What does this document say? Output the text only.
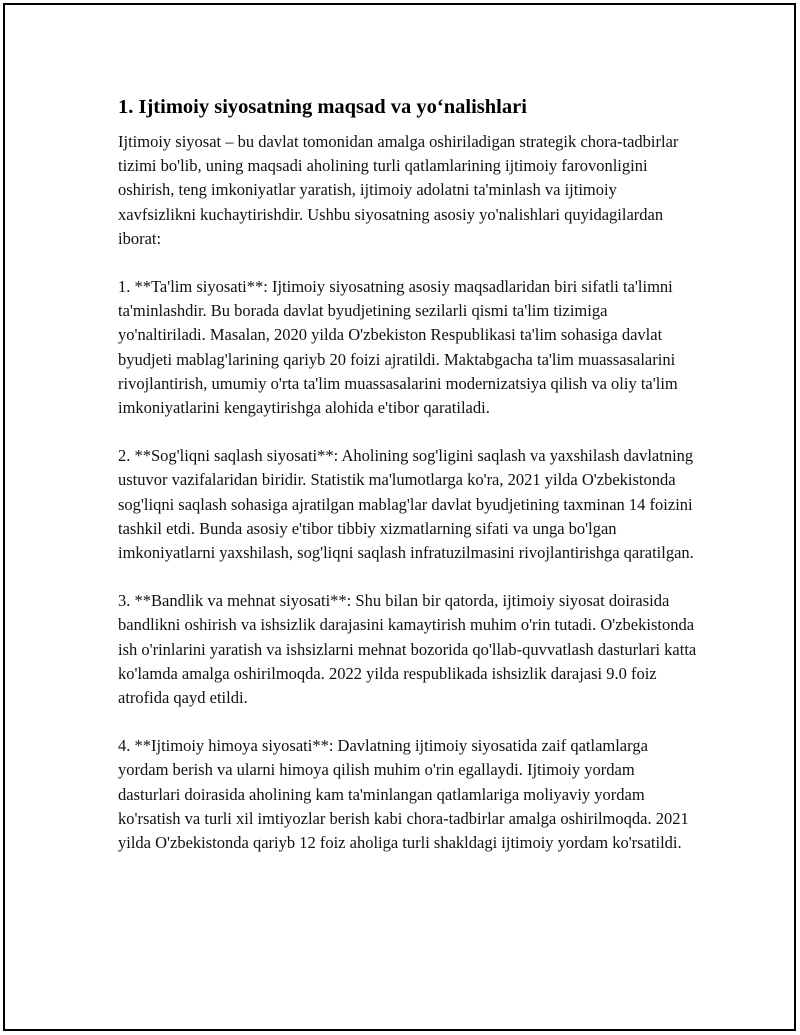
1. Ijtimoiy siyosatning maqsad va yo‘nalishlari

Ijtimoiy siyosat – bu davlat tomonidan amalga oshiriladigan strategik chora-tadbirlar tizimi bo'lib, uning maqsadi aholining turli qatlamlarining ijtimoiy farovonligini oshirish, teng imkoniyatlar yaratish, ijtimoiy adolatni ta'minlash va ijtimoiy xavfsizlikni kuchaytirishdir. Ushbu siyosatning asosiy yo'nalishlari quyidagilardan iborat:

1. **Ta'lim siyosati**: Ijtimoiy siyosatning asosiy maqsadlaridan biri sifatli ta'limni ta'minlashdir. Bu borada davlat byudjetining sezilarli qismi ta'lim tizimiga yo'naltiriladi. Masalan, 2020 yilda O'zbekiston Respublikasi ta'lim sohasiga davlat byudjeti mablag'larining qariyb 20 foizi ajratildi. Maktabgacha ta'lim muassasalarini rivojlantirish, umumiy o'rta ta'lim muassasalarini modernizatsiya qilish va oliy ta'lim imkoniyatlarini kengaytirishga alohida e'tibor qaratiladi.

2. **Sog'liqni saqlash siyosati**: Aholining sog'ligini saqlash va yaxshilash davlatning ustuvor vazifalaridan biridir. Statistik ma'lumotlarga ko'ra, 2021 yilda O'zbekistonda sog'liqni saqlash sohasiga ajratilgan mablag'lar davlat byudjetining taxminan 14 foizini tashkil etdi. Bunda asosiy e'tibor tibbiy xizmatlarning sifati va unga bo'lgan imkoniyatlarni yaxshilash, sog'liqni saqlash infratuzilmasini rivojlantirishga qaratilgan.

3. **Bandlik va mehnat siyosati**: Shu bilan bir qatorda, ijtimoiy siyosat doirasida bandlikni oshirish va ishsizlik darajasini kamaytirish muhim o'rin tutadi. O'zbekistonda ish o'rinlarini yaratish va ishsizlarni mehnat bozorida qo'llab-quvvatlash dasturlari katta ko'lamda amalga oshirilmoqda. 2022 yilda respublikada ishsizlik darajasi 9.0 foiz atrofida qayd etildi.

4. **Ijtimoiy himoya siyosati**: Davlatning ijtimoiy siyosatida zaif qatlamlarga yordam berish va ularni himoya qilish muhim o'rin egallaydi. Ijtimoiy yordam dasturlari doirasida aholining kam ta'minlangan qatlamlariga moliyaviy yordam ko'rsatish va turli xil imtiyozlar berish kabi chora-tadbirlar amalga oshirilmoqda. 2021 yilda O'zbekistonda qariyb 12 foiz aholiga turli shakldagi ijtimoiy yordam ko'rsatildi.
